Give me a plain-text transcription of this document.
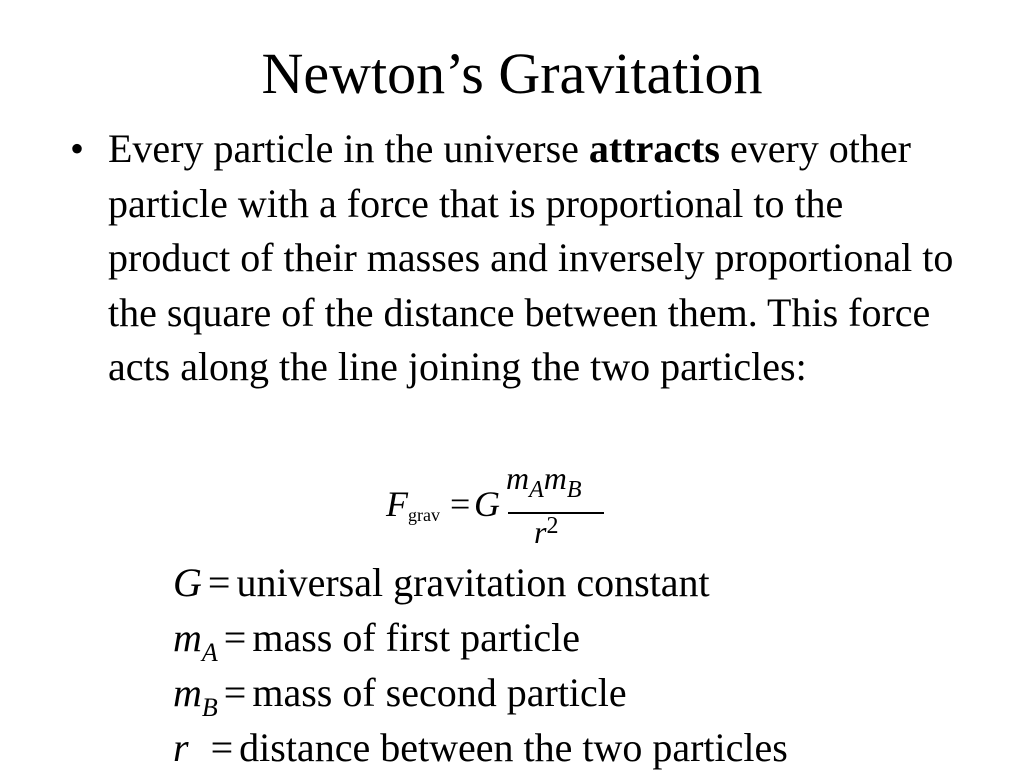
Newton’s Gravitation
• Every particle in the universe attracts every other particle with a force that is proportional to the product of their masses and inversely proportional to the square of the distance between them. This force acts along the line joining the two particles:
F grav = G
$m_Am_B$
$r^2$
G = universal gravitation constant
$m_A$ = mass of first particle
$m_B$ = mass of second particle
r = distance between the two particles
